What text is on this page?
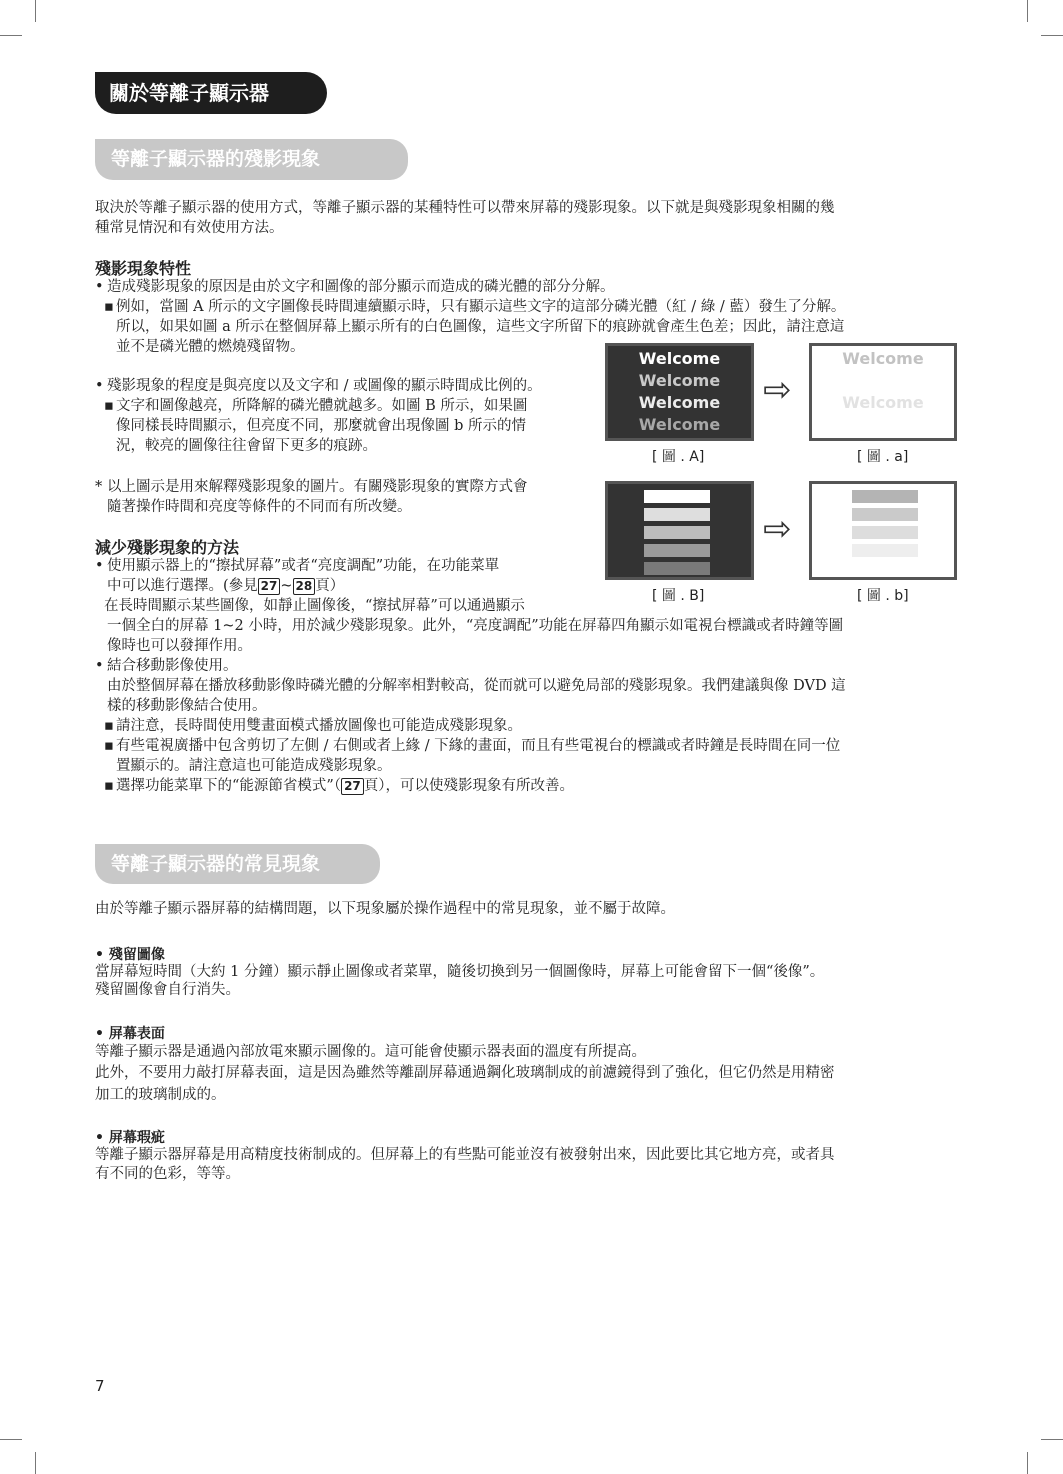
關於等離子顯示器
等離子顯示器的殘影現象
取決於等離子顯示器的使用方式，等離子顯示器的某種特性可以帶來屏幕的殘影現象。以下就是與殘影現象相關的幾
種常見情況和有效使用方法。
殘影現象特性
• 造成殘影現象的原因是由於文字和圖像的部分顯示而造成的磷光體的部分分解。
▪ 例如，當圖 A 所示的文字圖像長時間連續顯示時，只有顯示這些文字的這部分磷光體（紅 / 綠 / 藍）發生了分解。
所以，如果如圖 a 所示在整個屏幕上顯示所有的白色圖像，這些文字所留下的痕跡就會產生色差；因此，請注意這
並不是磷光體的燃燒殘留物。
• 殘影現象的程度是與亮度以及文字和 / 或圖像的顯示時間成比例的。
▪ 文字和圖像越亮，所降解的磷光體就越多。如圖 B 所示，如果圖
像同樣長時間顯示，但亮度不同，那麼就會出現像圖 b 所示的情
況，較亮的圖像往往會留下更多的痕跡。
* 以上圖示是用來解釋殘影現象的圖片。有關殘影現象的實際方式會
隨著操作時間和亮度等條件的不同而有所改變。
減少殘影現象的方法
• 使用顯示器上的“擦拭屏幕”或者“亮度調配”功能，在功能菜單
中可以進行選擇。(參見 27 ~ 28 頁）
在長時間顯示某些圖像，如靜止圖像後，“擦拭屏幕”可以通過顯示
一個全白的屏幕 1~2 小時，用於減少殘影現象。此外，“亮度調配”功能在屏幕四角顯示如電視台標識或者時鐘等圖
像時也可以發揮作用。
• 結合移動影像使用。
由於整個屏幕在播放移動影像時磷光體的分解率相對較高，從而就可以避免局部的殘影現象。我們建議與像 DVD 這
樣的移動影像結合使用。
▪ 請注意，長時間使用雙畫面模式播放圖像也可能造成殘影現象。
▪ 有些電視廣播中包含剪切了左側 / 右側或者上緣 / 下緣的畫面，而且有些電視台的標識或者時鐘是長時間在同一位
置顯示的。請注意這也可能造成殘影現象。
▪ 選擇功能菜單下的“能源節省模式”（ 27 頁），可以使殘影現象有所改善。
Welcome
Welcome
Welcome
Welcome
⇨
Welcome
Welcome
[ 圖 . A]	[ 圖 . a]
⇨
[ 圖 . B]	[ 圖 . b]
等離子顯示器的常見現象
由於等離子顯示器屏幕的結構問題，以下現象屬於操作過程中的常見現象，並不屬于故障。
• 殘留圖像
當屏幕短時間（大約 1 分鐘）顯示靜止圖像或者菜單，隨後切換到另一個圖像時，屏幕上可能會留下一個“後像”。
殘留圖像會自行消失。
• 屏幕表面
等離子顯示器是通過內部放電來顯示圖像的。這可能會使顯示器表面的溫度有所提高。
此外，不要用力敲打屏幕表面，這是因為雖然等離副屏幕通過鋼化玻璃制成的前濾鏡得到了強化，但它仍然是用精密
加工的玻璃制成的。
• 屏幕瑕疵
等離子顯示器屏幕是用高精度技術制成的。但屏幕上的有些點可能並沒有被發射出來，因此要比其它地方亮，或者具
有不同的色彩，等等。
7
